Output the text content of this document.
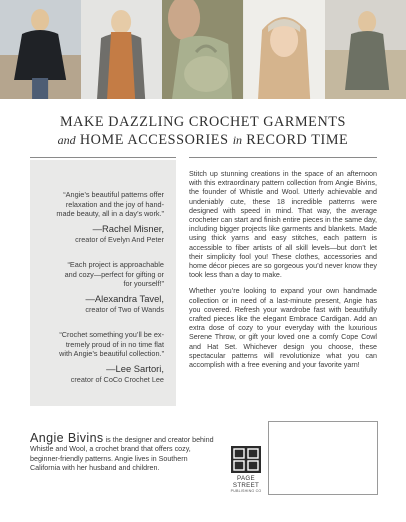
MAKE DAZZLING CROCHET GARMENTS
and HOME ACCESSORIES in RECORD TIME
“Angie’s beautiful patterns offer
relaxation and the joy of hand-
made beauty, all in a day’s work.”
—Rachel Misner,
creator of Evelyn And Peter
“Each project is approachable
and cozy—perfect for gifting or
for yourself!”
—Alexandra Tavel,
creator of Two of Wands
“Crochet something you’ll be ex-
tremely proud of in no time flat
with Angie’s beautiful collection.”
—Lee Sartori,
creator of CoCo Crochet Lee

Stitch up stunning creations in the space of an afternoon with this extraordinary pattern collection from Angie Bivins, the founder of Whistle and Wool. Utterly achievable and undeniably cute, these 18 incredible patterns were designed with speed in mind. That way, the average crocheter can start and finish entire pieces in the same day, including bigger projects like garments and blankets. Made using thick yarns and easy stitches, each pattern is accessible to fiber artists of all skill levels—but don’t let their simplicity fool you! These clothes, accessories and home décor pieces are so gorgeous you’d never know they took less than a day to make.

Whether you’re looking to expand your own handmade collection or in need of a last-minute present, Angie has you covered. Refresh your wardrobe fast with beautifully crafted pieces like the elegant Embrace Cardigan. Add an extra dose of cozy to your everyday with the luxurious Serene Throw, or gift your loved one a comfy Cope Cowl and Hat Set. Whichever design you choose, these spectacular patterns will revolutionize what you can accomplish with a free evening and your favorite yarn!

Angie Bivins is the designer and creator behind Whistle and Wool, a crochet brand that offers cozy, beginner-friendly patterns. Angie lives in Southern California with her husband and children.
PAGE STREET
PUBLISHING CO
